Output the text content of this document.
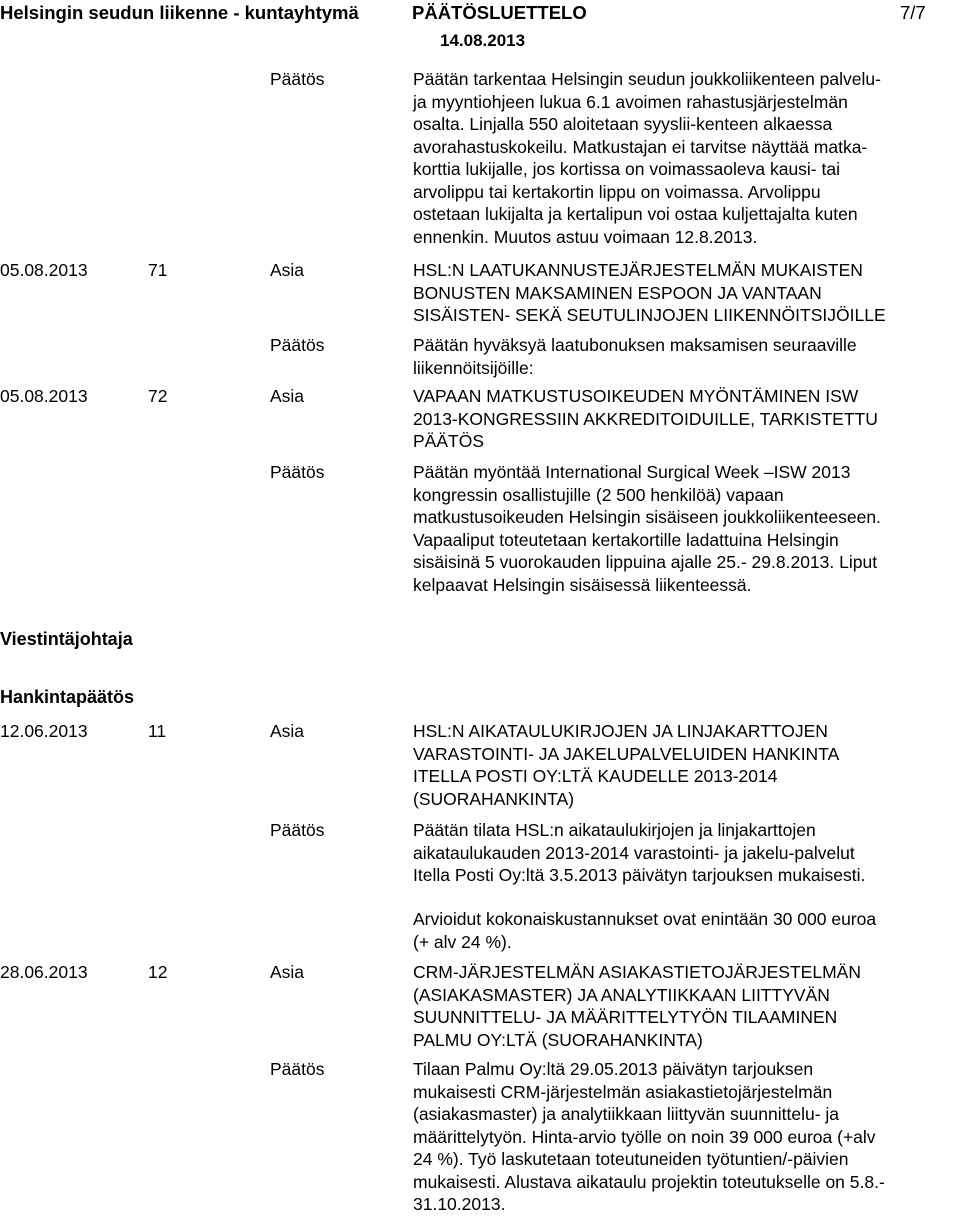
Helsingin seudun liikenne - kuntayhtymä	PÄÄTÖSLUETTELO	7/7
14.08.2013
Päätös	Päätän tarkentaa Helsingin seudun joukkoliikenteen palvelu-
ja myyntiohjeen lukua 6.1 avoimen rahastusjärjestelmän
osalta. Linjalla 550 aloitetaan syyslii-kenteen alkaessa
avorahastuskokeilu. Matkustajan ei tarvitse näyttää matka-
korttia lukijalle, jos kortissa on voimassaoleva kausi- tai
arvolippu tai kertakortin lippu on voimassa. Arvolippu
ostetaan lukijalta ja kertalipun voi ostaa kuljettajalta kuten
ennenkin. Muutos astuu voimaan 12.8.2013.
05.08.2013	71	Asia	HSL:N LAATUKANNUSTEJÄRJESTELMÄN MUKAISTEN
BONUSTEN MAKSAMINEN ESPOON JA VANTAAN
SISÄISTEN- SEKÄ SEUTULINJOJEN LIIKENNÖITSIJÖILLE
Päätös	Päätän hyväksyä laatubonuksen maksamisen seuraaville
liikennöitsijöille:
05.08.2013	72	Asia	VAPAAN MATKUSTUSOIKEUDEN MYÖNTÄMINEN ISW
2013-KONGRESSIIN AKKREDITOIDUILLE, TARKISTETTU
PÄÄTÖS
Päätös	Päätän myöntää International Surgical Week –ISW 2013
kongressin osallistujille (2 500 henkilöä) vapaan
matkustusoikeuden Helsingin sisäiseen joukkoliikenteeseen.
Vapaaliput toteutetaan kertakortille ladattuina Helsingin
sisäisinä 5 vuorokauden lippuina ajalle 25.- 29.8.2013. Liput
kelpaavat Helsingin sisäisessä liikenteessä.
Viestintäjohtaja
Hankintapäätös
12.06.2013	11	Asia	HSL:N AIKATAULUKIRJOJEN JA LINJAKARTTOJEN
VARASTOINTI- JA JAKELUPALVELUIDEN HANKINTA
ITELLA POSTI OY:LTÄ KAUDELLE 2013-2014
(SUORAHANKINTA)
Päätös	Päätän tilata HSL:n aikataulukirjojen ja linjakarttojen
aikataulukauden 2013-2014 varastointi- ja jakelu-palvelut
Itella Posti Oy:ltä 3.5.2013 päivätyn tarjouksen mukaisesti.
Arvioidut kokonaiskustannukset ovat enintään 30 000 euroa
(+ alv 24 %).
28.06.2013	12	Asia	CRM-JÄRJESTELMÄN ASIAKASTIETOJÄRJESTELMÄN
(ASIAKASMASTER) JA ANALYTIIKKAAN LIITTYVÄN
SUUNNITTELU- JA MÄÄRITTELYTYÖN TILAAMINEN
PALMU OY:LTÄ (SUORAHANKINTA)
Päätös	Tilaan Palmu Oy:ltä 29.05.2013 päivätyn tarjouksen
mukaisesti CRM-järjestelmän asiakastietojärjestelmän
(asiakasmaster) ja analytiikkaan liittyvän suunnittelu- ja
määrittelytyön. Hinta-arvio työlle on noin 39 000 euroa (+alv
24 %). Työ laskutetaan toteutuneiden työtuntien/-päivien
mukaisesti. Alustava aikataulu projektin toteutukselle on 5.8.-
31.10.2013.
